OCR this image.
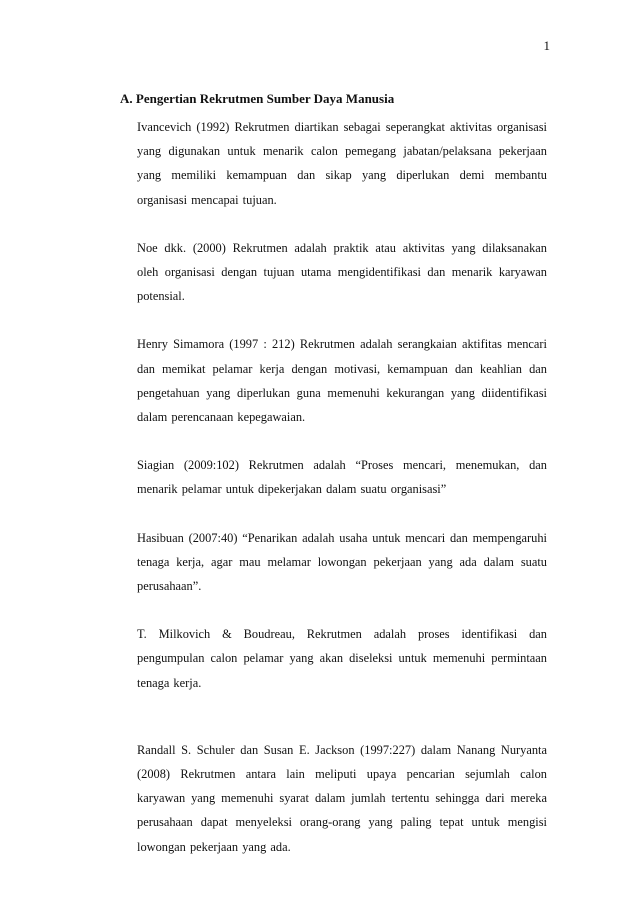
1
A. Pengertian Rekrutmen Sumber Daya Manusia

Ivancevich (1992) Rekrutmen diartikan sebagai seperangkat aktivitas organisasi yang digunakan untuk menarik calon pemegang jabatan/pelaksana pekerjaan yang memiliki kemampuan dan sikap yang diperlukan demi membantu organisasi mencapai tujuan.

Noe dkk. (2000) Rekrutmen adalah praktik atau aktivitas yang dilaksanakan oleh organisasi dengan tujuan utama mengidentifikasi dan menarik karyawan potensial.

Henry Simamora (1997 : 212) Rekrutmen adalah serangkaian aktifitas mencari dan memikat pelamar kerja dengan motivasi, kemampuan dan keahlian dan pengetahuan yang diperlukan guna memenuhi kekurangan yang diidentifikasi dalam perencanaan kepegawaian.

Siagian (2009:102) Rekrutmen adalah “Proses mencari, menemukan, dan menarik pelamar untuk dipekerjakan dalam suatu organisasi”

Hasibuan (2007:40) “Penarikan adalah usaha untuk mencari dan mempengaruhi tenaga kerja, agar mau melamar lowongan pekerjaan yang ada dalam suatu perusahaan”.

T. Milkovich & Boudreau, Rekrutmen adalah proses identifikasi dan pengumpulan calon pelamar yang akan diseleksi untuk memenuhi permintaan tenaga kerja.

Randall S. Schuler dan Susan E. Jackson (1997:227) dalam Nanang Nuryanta (2008) Rekrutmen antara lain meliputi upaya pencarian sejumlah calon karyawan yang memenuhi syarat dalam jumlah tertentu sehingga dari mereka perusahaan dapat menyeleksi orang-orang yang paling tepat untuk mengisi lowongan pekerjaan yang ada.
